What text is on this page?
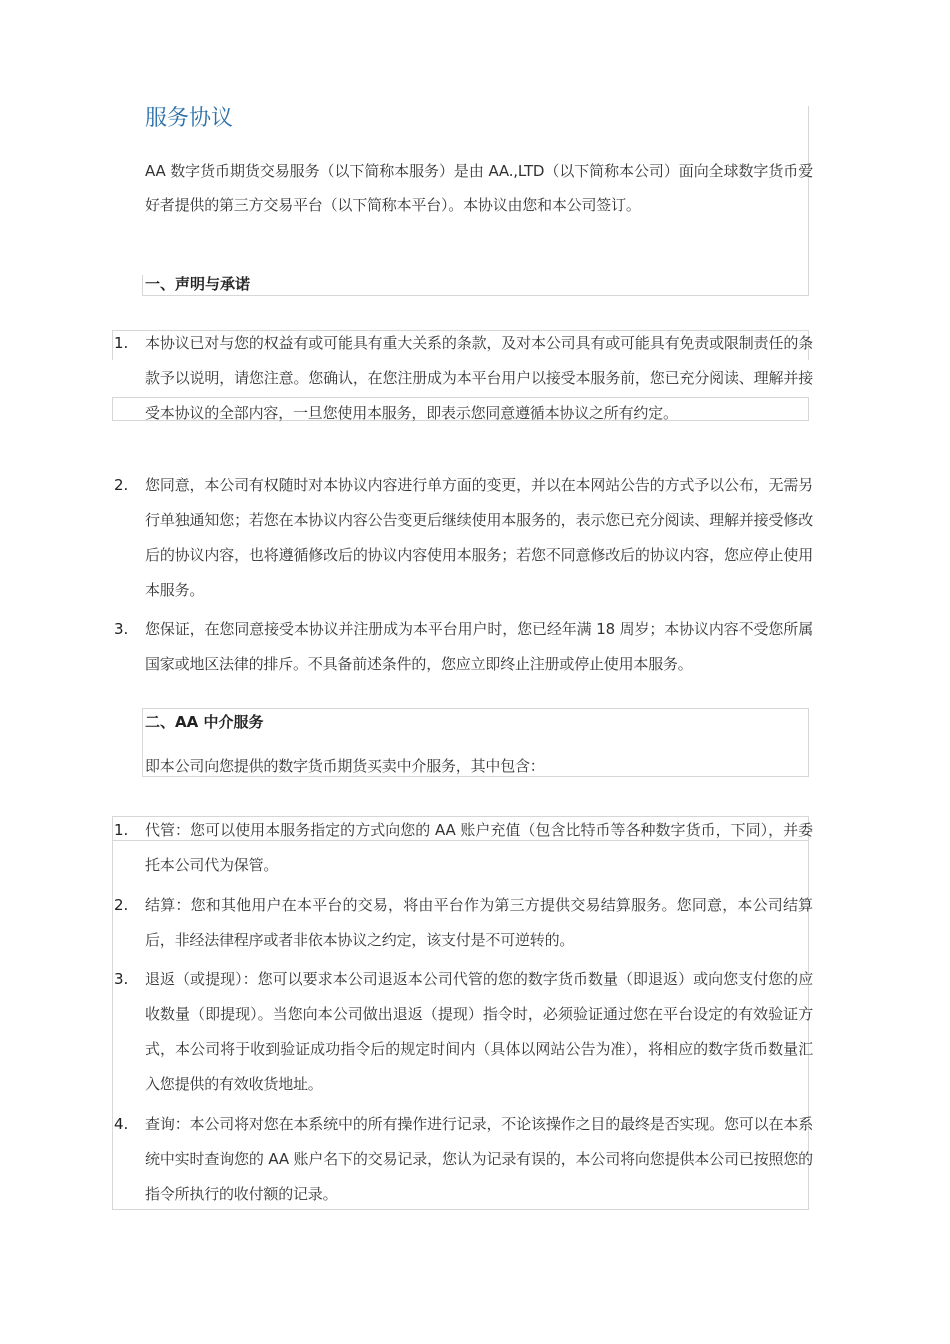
服务协议

AA 数字货币期货交易服务（以下简称本服务）是由 AA.,LTD（以下简称本公司）面向全球数字货币爱好者提供的第三方交易平台（以下简称本平台）。本协议由您和本公司签订。

一、声明与承诺
1.	本协议已对与您的权益有或可能具有重大关系的条款，及对本公司具有或可能具有免责或限制责任的条款予以说明，请您注意。您确认，在您注册成为本平台用户以接受本服务前，您已充分阅读、理解并接受本协议的全部内容，一旦您使用本服务，即表示您同意遵循本协议之所有约定。
2.	您同意，本公司有权随时对本协议内容进行单方面的变更，并以在本网站公告的方式予以公布，无需另行单独通知您；若您在本协议内容公告变更后继续使用本服务的，表示您已充分阅读、理解并接受修改后的协议内容，也将遵循修改后的协议内容使用本服务；若您不同意修改后的协议内容，您应停止使用本服务。
3.	您保证，在您同意接受本协议并注册成为本平台用户时，您已经年满 18 周岁；本协议内容不受您所属国家或地区法律的排斥。不具备前述条件的，您应立即终止注册或停止使用本服务。
二、AA 中介服务

即本公司向您提供的数字货币期货买卖中介服务，其中包含：

1.	代管：您可以使用本服务指定的方式向您的 AA 账户充值（包含比特币等各种数字货币，下同），并委托本公司代为保管。
2.	结算：您和其他用户在本平台的交易，将由平台作为第三方提供交易结算服务。您同意，本公司结算后，非经法律程序或者非依本协议之约定，该支付是不可逆转的。
3.	退返（或提现）：您可以要求本公司退返本公司代管的您的数字货币数量（即退返）或向您支付您的应收数量（即提现）。当您向本公司做出退返（提现）指令时，必须验证通过您在平台设定的有效验证方式，本公司将于收到验证成功指令后的规定时间内（具体以网站公告为准），将相应的数字货币数量汇入您提供的有效收货地址。
4.	查询：本公司将对您在本系统中的所有操作进行记录，不论该操作之目的最终是否实现。您可以在本系统中实时查询您的 AA 账户名下的交易记录，您认为记录有误的，本公司将向您提供本公司已按照您的指令所执行的收付额的记录。
